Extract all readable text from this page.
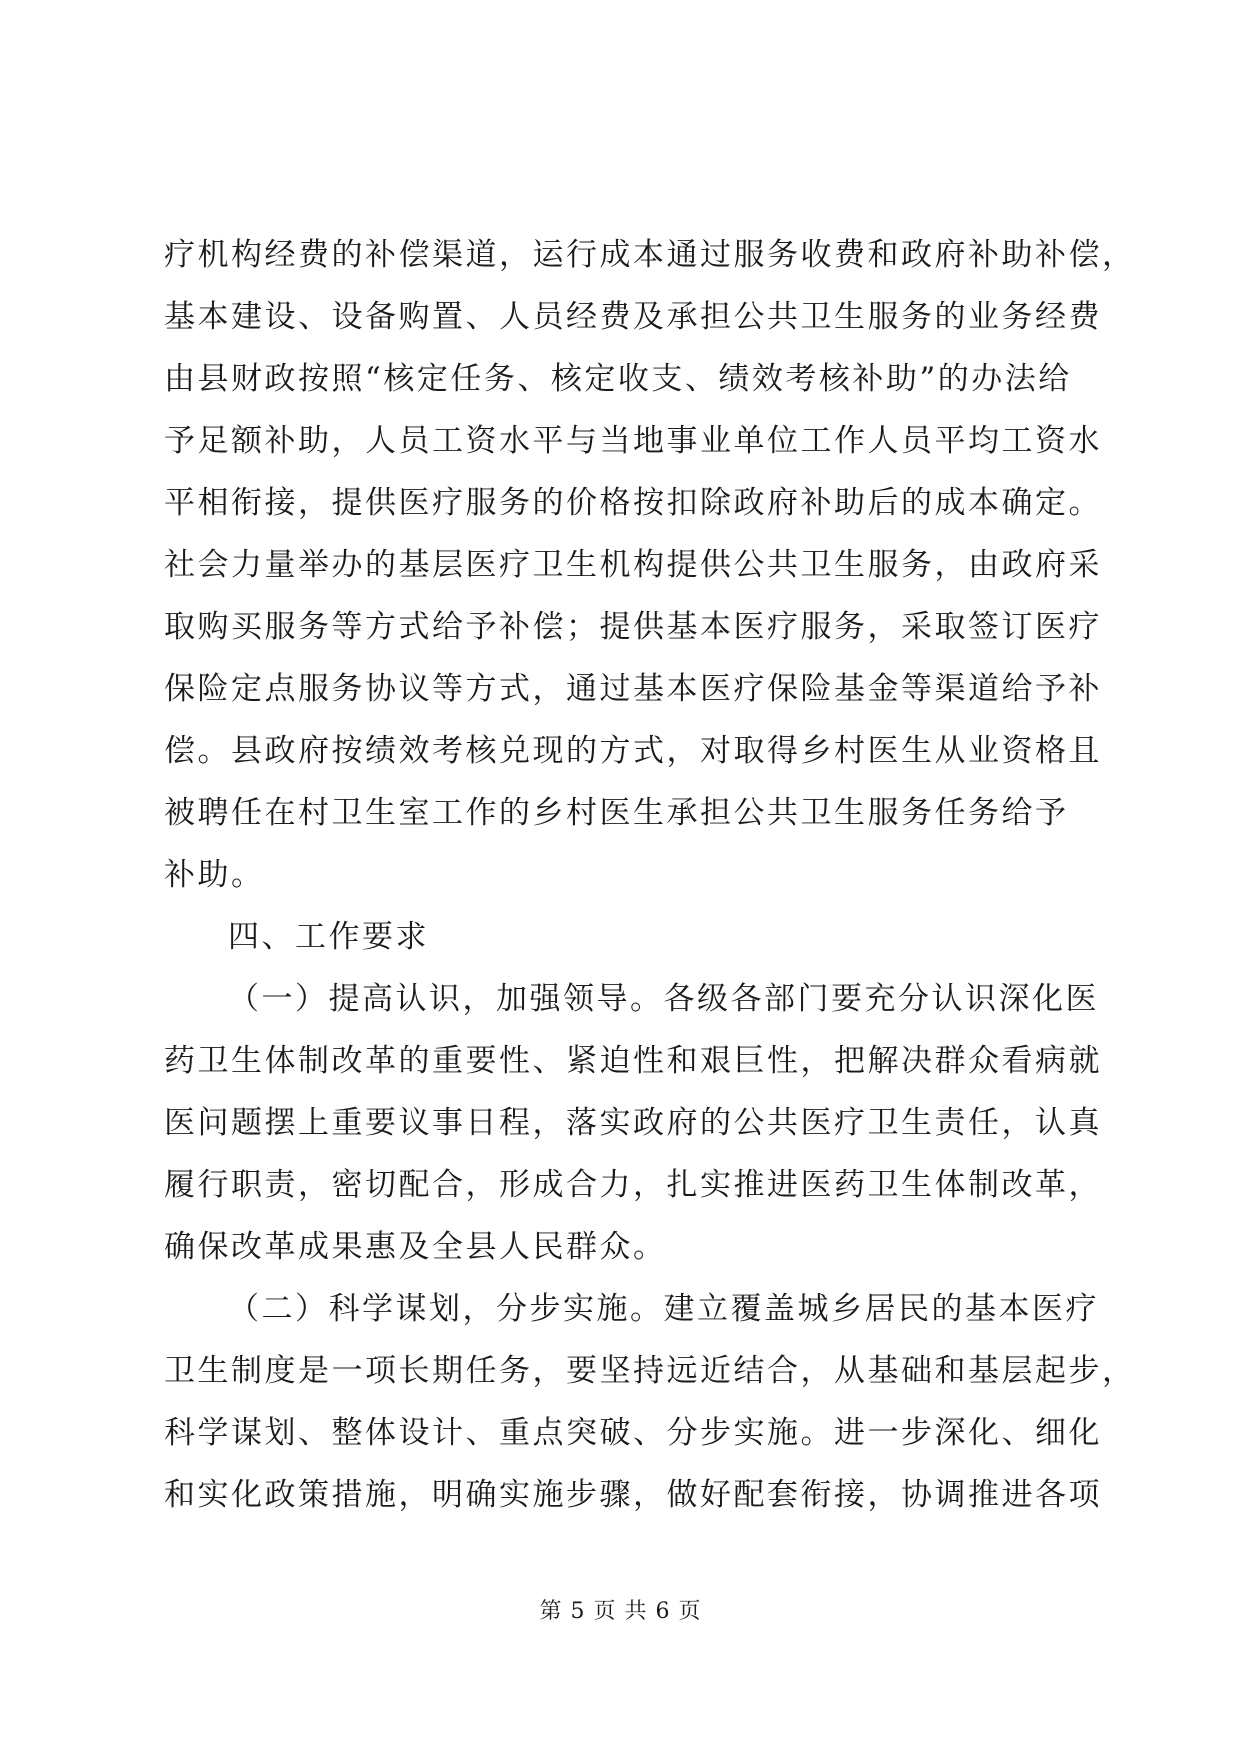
疗机构经费的补偿渠道，运行成本通过服务收费和政府补助补偿，
基本建设、设备购置、人员经费及承担公共卫生服务的业务经费
由县财政按照“核定任务、核定收支、绩效考核补助”的办法给
予足额补助，人员工资水平与当地事业单位工作人员平均工资水
平相衔接，提供医疗服务的价格按扣除政府补助后的成本确定。
社会力量举办的基层医疗卫生机构提供公共卫生服务，由政府采
取购买服务等方式给予补偿；提供基本医疗服务，采取签订医疗
保险定点服务协议等方式，通过基本医疗保险基金等渠道给予补
偿。县政府按绩效考核兑现的方式，对取得乡村医生从业资格且
被聘任在村卫生室工作的乡村医生承担公共卫生服务任务给予
补助。
四、工作要求
（一）提高认识，加强领导。各级各部门要充分认识深化医
药卫生体制改革的重要性、紧迫性和艰巨性，把解决群众看病就
医问题摆上重要议事日程，落实政府的公共医疗卫生责任，认真
履行职责，密切配合，形成合力，扎实推进医药卫生体制改革，
确保改革成果惠及全县人民群众。
（二）科学谋划，分步实施。建立覆盖城乡居民的基本医疗
卫生制度是一项长期任务，要坚持远近结合，从基础和基层起步，
科学谋划、整体设计、重点突破、分步实施。进一步深化、细化
和实化政策措施，明确实施步骤，做好配套衔接，协调推进各项
第 5 页 共 6 页
